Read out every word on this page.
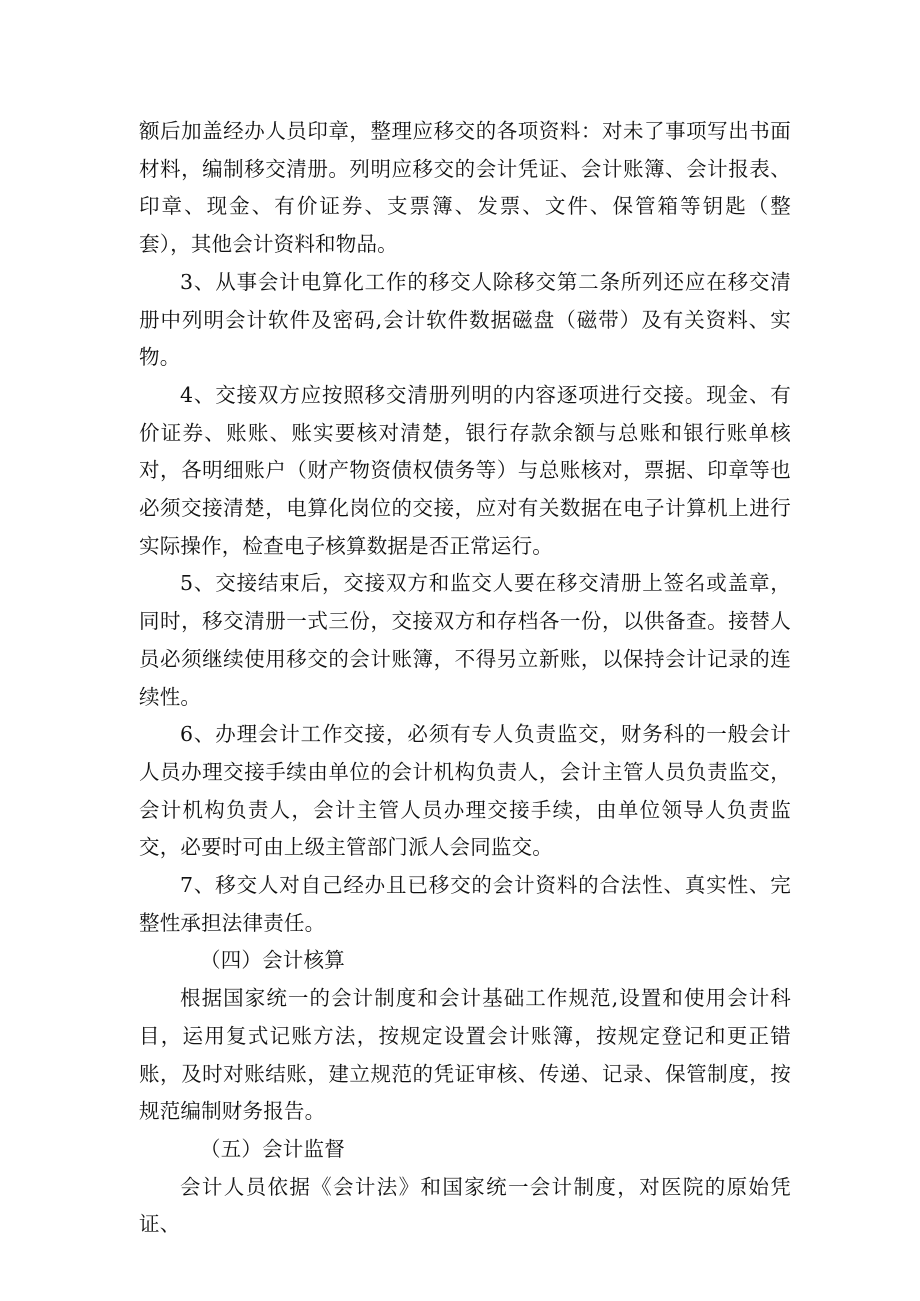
额后加盖经办人员印章，整理应移交的各项资料：对未了事项写出书面材料，编制移交清册。列明应移交的会计凭证、会计账簿、会计报表、印章、现金、有价证券、支票簿、发票、文件、保管箱等钥匙（整套），其他会计资料和物品。

3、从事会计电算化工作的移交人除移交第二条所列还应在移交清册中列明会计软件及密码,会计软件数据磁盘（磁带）及有关资料、实物。

4、交接双方应按照移交清册列明的内容逐项进行交接。现金、有价证券、账账、账实要核对清楚，银行存款余额与总账和银行账单核对，各明细账户（财产物资债权债务等）与总账核对，票据、印章等也必须交接清楚，电算化岗位的交接，应对有关数据在电子计算机上进行实际操作，检查电子核算数据是否正常运行。

5、交接结束后，交接双方和监交人要在移交清册上签名或盖章，同时，移交清册一式三份，交接双方和存档各一份，以供备查。接替人员必须继续使用移交的会计账簿，不得另立新账，以保持会计记录的连续性。

6、办理会计工作交接，必须有专人负责监交，财务科的一般会计人员办理交接手续由单位的会计机构负责人，会计主管人员负责监交，会计机构负责人，会计主管人员办理交接手续，由单位领导人负责监交，必要时可由上级主管部门派人会同监交。

7、移交人对自己经办且已移交的会计资料的合法性、真实性、完整性承担法律责任。

（四）会计核算

根据国家统一的会计制度和会计基础工作规范,设置和使用会计科目，运用复式记账方法，按规定设置会计账簿，按规定登记和更正错账，及时对账结账，建立规范的凭证审核、传递、记录、保管制度，按规范编制财务报告。

（五）会计监督

会计人员依据《会计法》和国家统一会计制度，对医院的原始凭证、
